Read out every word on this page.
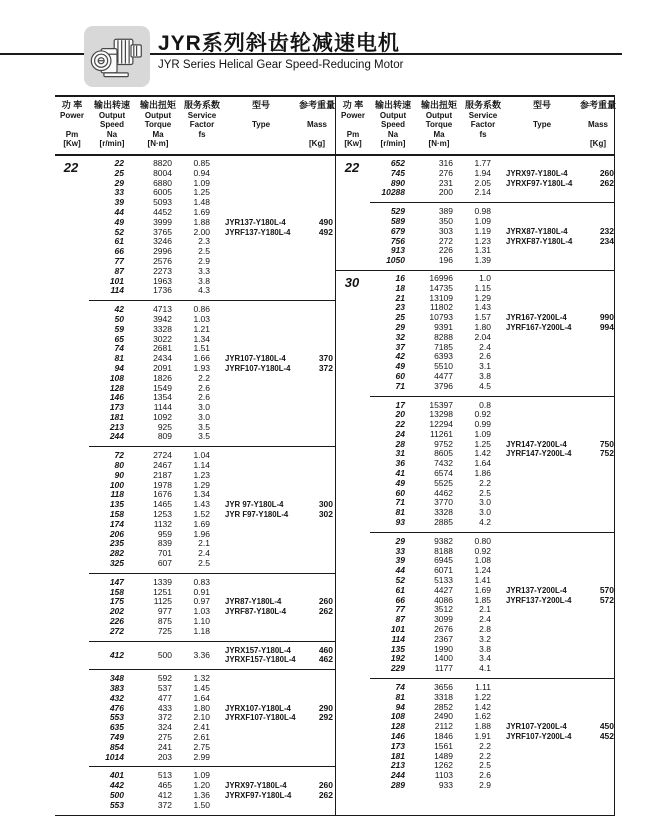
JYR系列斜齿轮减速电机
JYR Series Helical Gear Speed-Reducing Motor
功 率
Power
Pm
[Kw]
输出转速
Output
Speed
Na
[r/min]
输出扭矩
Output
Torque
Ma
[N·m]
服务系数
Service
Factor
fs
型号
Type
参考重量
Mass
[Kg]
22	22	8820	0.85
25	8004	0.94
29	6880	1.09
33	6005	1.25
39	5093	1.48
44	4452	1.69
49	3999	1.88
52	3765	2.00
61	3246	2.3
66	2996	2.5
77	2576	2.9
87	2273	3.3
101	1963	3.8
114	1736	4.3
JYR137-Y180L-4	490
JYRF137-Y180L-4	492
42	4713	0.86
50	3942	1.03
59	3328	1.21
65	3022	1.34
74	2681	1.51
81	2434	1.66
94	2091	1.93
108	1826	2.2
128	1549	2.6
146	1354	2.6
173	1144	3.0
181	1092	3.0
213	925	3.5
244	809	3.5
JYR107-Y180L-4	370
JYRF107-Y180L-4	372
72	2724	1.04
80	2467	1.14
90	2187	1.23
100	1978	1.29
118	1676	1.34
135	1465	1.43
158	1253	1.52
174	1132	1.69
206	959	1.96
235	839	2.1
282	701	2.4
325	607	2.5
JYR 97-Y180L-4	300
JYR F97-Y180L-4	302
147	1339	0.83
158	1251	0.91
175	1125	0.97
202	977	1.03
226	875	1.10
272	725	1.18
JYR87-Y180L-4	260
JYRF87-Y180L-4	262
412	500	3.36	JYRX157-Y180L-4	460
JYRXF157-Y180L-4	462
348	592	1.32
383	537	1.45
432	477	1.64
476	433	1.80
553	372	2.10
635	324	2.41
749	275	2.61
854	241	2.75
1014	203	2.99
JYRX107-Y180L-4	290
JYRXF107-Y180L-4	292
401	513	1.09
442	465	1.20
500	412	1.36
553	372	1.50
JYRX97-Y180L-4	260
JYRXF97-Y180L-4	262
功 率
Power
Pm
[Kw]
输出转速
Output
Speed
Na
[r/min]
输出扭矩
Output
Torque
Ma
[N·m]
服务系数
Service
Factor
fs
型号
Type
参考重量
Mass
[Kg]
22	652	316	1.77
745	276	1.94
890	231	2.05
10288	200	2.14
JYRX97-Y180L-4	260
JYRXF97-Y180L-4	262
529	389	0.98
589	350	1.09
679	303	1.19
756	272	1.23
913	226	1.31
1050	196	1.39
JYRX87-Y180L-4	232
JYRXF87-Y180L-4	234
30	16	16996	1.0
18	14735	1.15
21	13109	1.29
23	11802	1.43
25	10793	1.57
29	9391	1.80
32	8288	2.04
37	7185	2.4
42	6393	2.6
49	5510	3.1
60	4477	3.8
71	3796	4.5
JYR167-Y200L-4	990
JYRF167-Y200L-4	994
17	15397	0.8
20	13298	0.92
22	12294	0.99
24	11261	1.09
28	9752	1.25
31	8605	1.42
36	7432	1.64
41	6574	1.86
49	5525	2.2
60	4462	2.5
71	3770	3.0
81	3328	3.0
93	2885	4.2
JYR147-Y200L-4	750
JYRF147-Y200L-4	752
29	9382	0.80
33	8188	0.92
39	6945	1.08
44	6071	1.24
52	5133	1.41
61	4427	1.69
66	4086	1.85
77	3512	2.1
87	3099	2.4
101	2676	2.8
114	2367	3.2
135	1990	3.8
192	1400	3.4
229	1177	4.1
JYR137-Y200L-4	570
JYRF137-Y200L-4	572
74	3656	1.11
81	3318	1.22
94	2852	1.42
108	2490	1.62
128	2112	1.88
146	1846	1.91
173	1561	2.2
181	1489	2.2
213	1262	2.5
244	1103	2.6
289	933	2.9
JYR107-Y200L-4	450
JYRF107-Y200L-4	452
